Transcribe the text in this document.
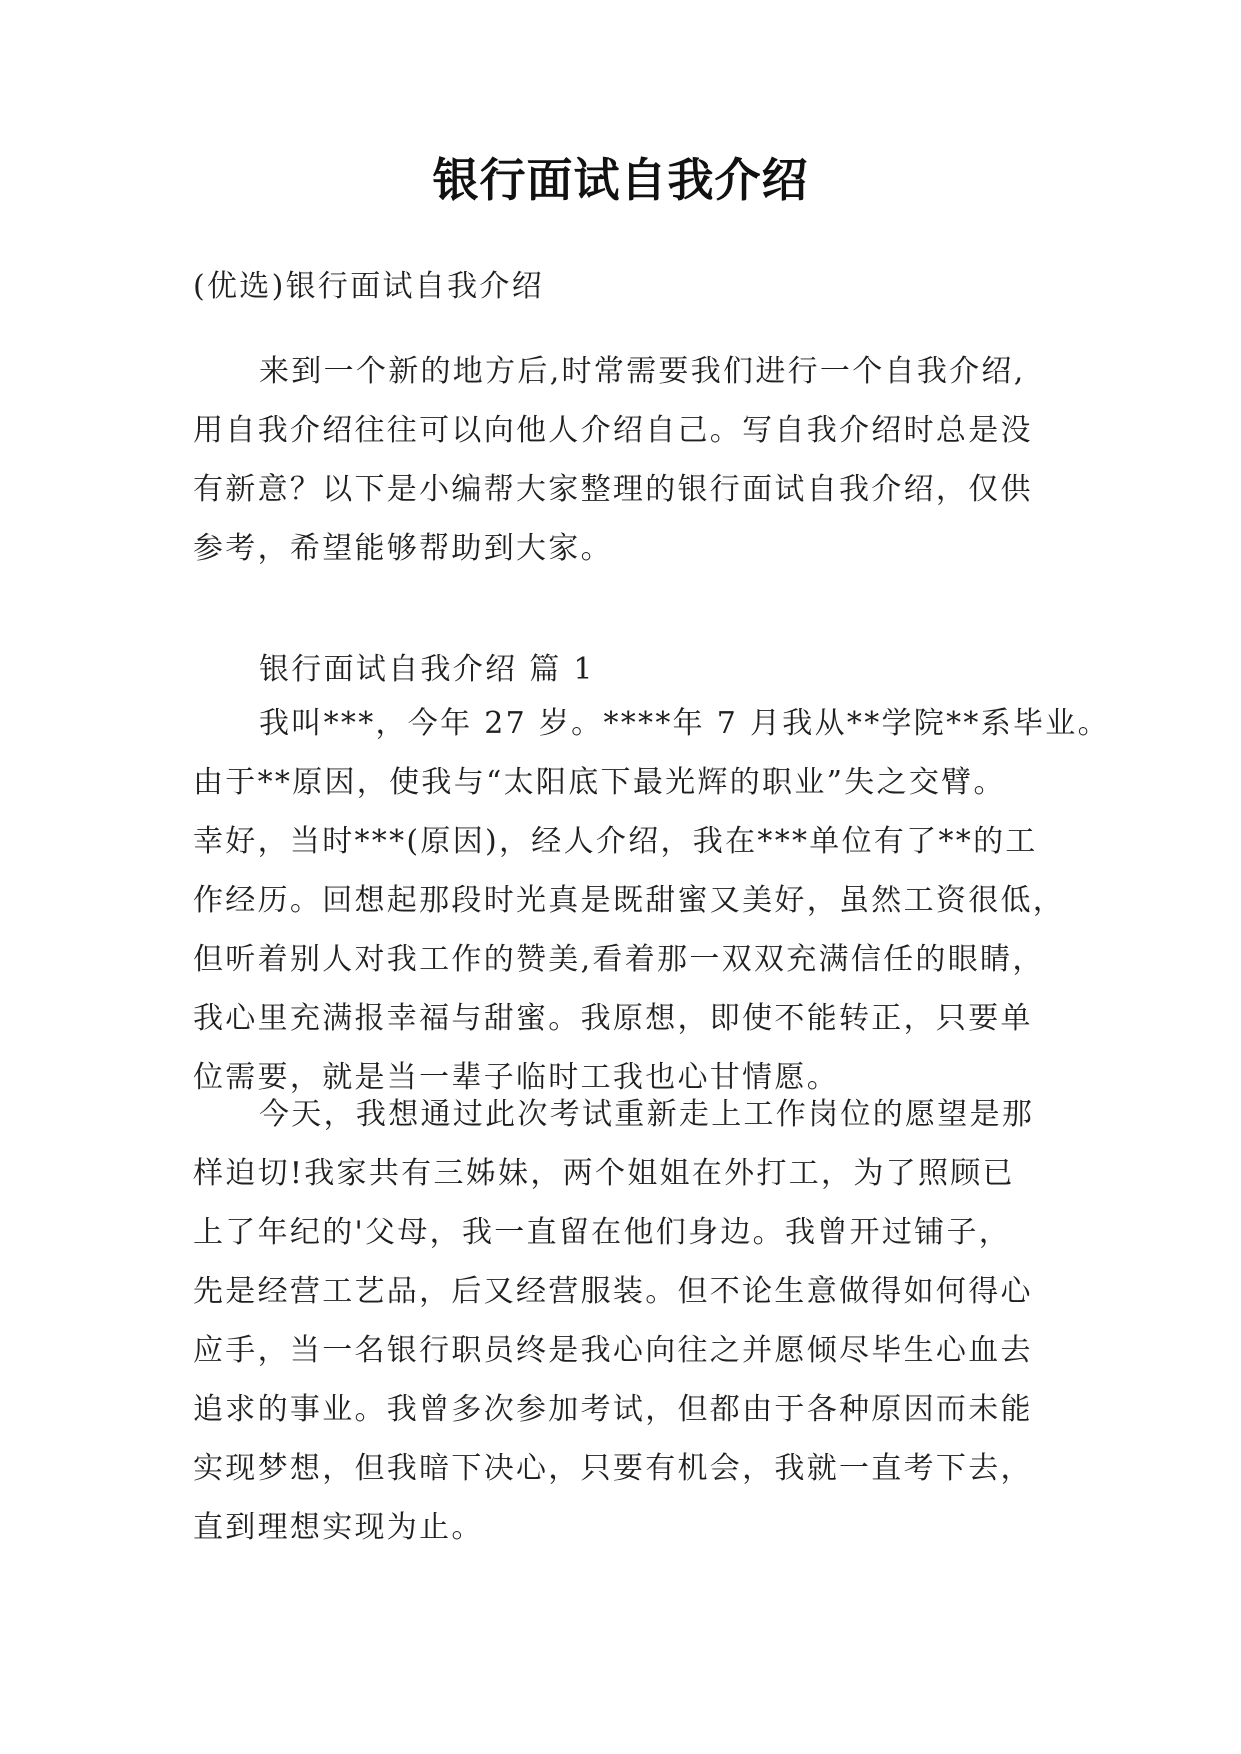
银行面试自我介绍
(优选)银行面试自我介绍
来到一个新的地方后,时常需要我们进行一个自我介绍,
用自我介绍往往可以向他人介绍自己。写自我介绍时总是没
有新意？以下是小编帮大家整理的银行面试自我介绍，仅供
参考，希望能够帮助到大家。
银行面试自我介绍 篇 1
我叫***，今年 27 岁。****年 7 月我从**学院**系毕业。
由于**原因，使我与“太阳底下最光辉的职业”失之交臂。
幸好，当时***(原因)，经人介绍，我在***单位有了**的工
作经历。回想起那段时光真是既甜蜜又美好，虽然工资很低，
但听着别人对我工作的赞美,看着那一双双充满信任的眼睛，
我心里充满报幸福与甜蜜。我原想，即使不能转正，只要单
位需要，就是当一辈子临时工我也心甘情愿。
今天，我想通过此次考试重新走上工作岗位的愿望是那
样迫切!我家共有三姊妹，两个姐姐在外打工，为了照顾已
上了年纪的'父母，我一直留在他们身边。我曾开过铺子，
先是经营工艺品，后又经营服装。但不论生意做得如何得心
应手，当一名银行职员终是我心向往之并愿倾尽毕生心血去
追求的事业。我曾多次参加考试，但都由于各种原因而未能
实现梦想，但我暗下决心，只要有机会，我就一直考下去，
直到理想实现为止。
